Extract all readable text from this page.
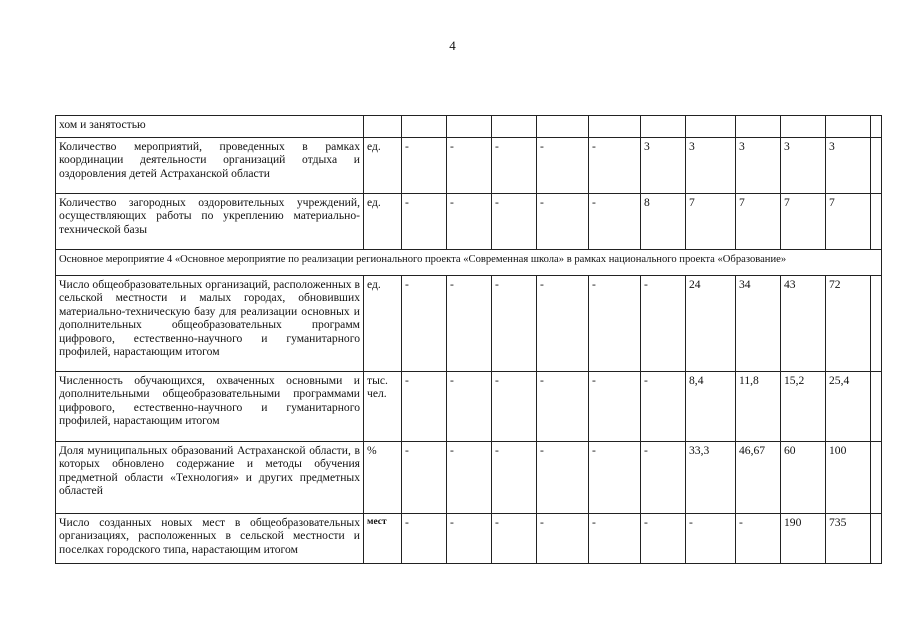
4
хом и занятостью												
Количество мероприятий, проведенных в рамках координации деятельности организаций отдыха и оздоровления детей Астраханской области	ед.	-	-	-	-	-	3	3	3	3	3	
Количество загородных оздоровительных учреждений, осуществляющих работы по укреплению материально-технической базы	ед.	-	-	-	-	-	8	7	7	7	7	
Основное мероприятие 4 «Основное мероприятие по реализации регионального проекта «Современная школа» в рамках национального проекта «Образование»												
Число общеобразовательных организаций, расположенных в сельской местности и малых городах, обновивших материально-техническую базу для реализации основных и дополнительных общеобразовательных программ цифрового, естественно-научного и гуманитарного профилей, нарастающим итогом	ед.	-	-	-	-	-	-	24	34	43	72	
Численность обучающихся, охваченных основными и дополнительными общеобразовательными программами цифрового, естественно-научного и гуманитарного профилей, нарастающим итогом	тыс. чел.	-	-	-	-	-	-	8,4	11,8	15,2	25,4	
Доля муниципальных образований Астраханской области, в которых обновлено содержание и методы обучения предметной области «Технология» и других предметных областей	%	-	-	-	-	-	-	33,3	46,67	60	100	
Число созданных новых мест в общеобразовательных организациях, расположенных в сельской местности и поселках городского типа, нарастающим итогом	мест	-	-	-	-	-	-	-	-	190	735	
